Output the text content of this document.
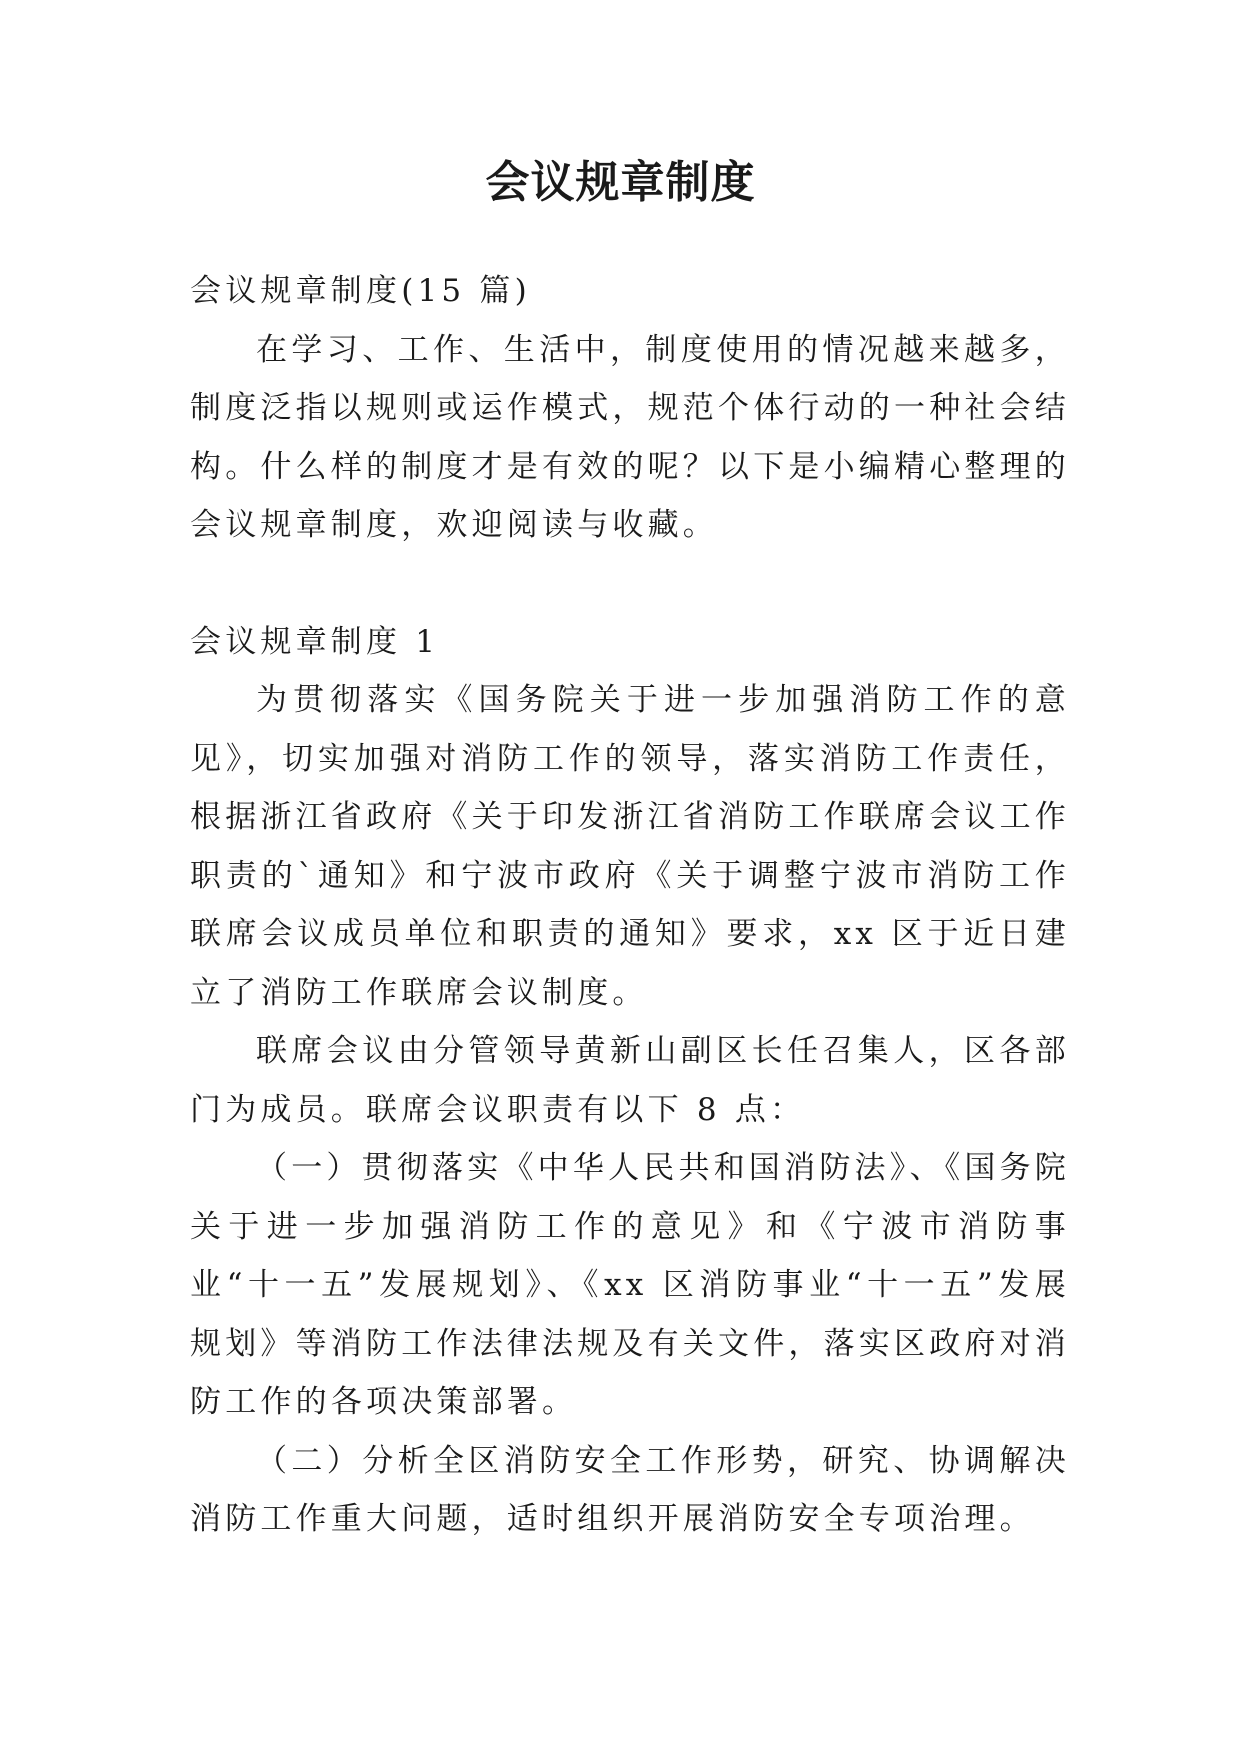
会议规章制度

会议规章制度(15 篇)

在学习、工作、生活中，制度使用的情况越来越多，制度泛指以规则或运作模式，规范个体行动的一种社会结构。什么样的制度才是有效的呢？以下是小编精心整理的会议规章制度，欢迎阅读与收藏。

会议规章制度 1

为贯彻落实《国务院关于进一步加强消防工作的意见》，切实加强对消防工作的领导，落实消防工作责任，根据浙江省政府《关于印发浙江省消防工作联席会议工作职责的`通知》和宁波市政府《关于调整宁波市消防工作联席会议成员单位和职责的通知》要求，xx 区于近日建立了消防工作联席会议制度。

联席会议由分管领导黄新山副区长任召集人，区各部门为成员。联席会议职责有以下 8 点：

（一）贯彻落实《中华人民共和国消防法》、《国务院关于进一步加强消防工作的意见》和《宁波市消防事业“十一五”发展规划》、《xx 区消防事业“十一五”发展规划》等消防工作法律法规及有关文件，落实区政府对消防工作的各项决策部署。

（二）分析全区消防安全工作形势，研究、协调解决消防工作重大问题，适时组织开展消防安全专项治理。
